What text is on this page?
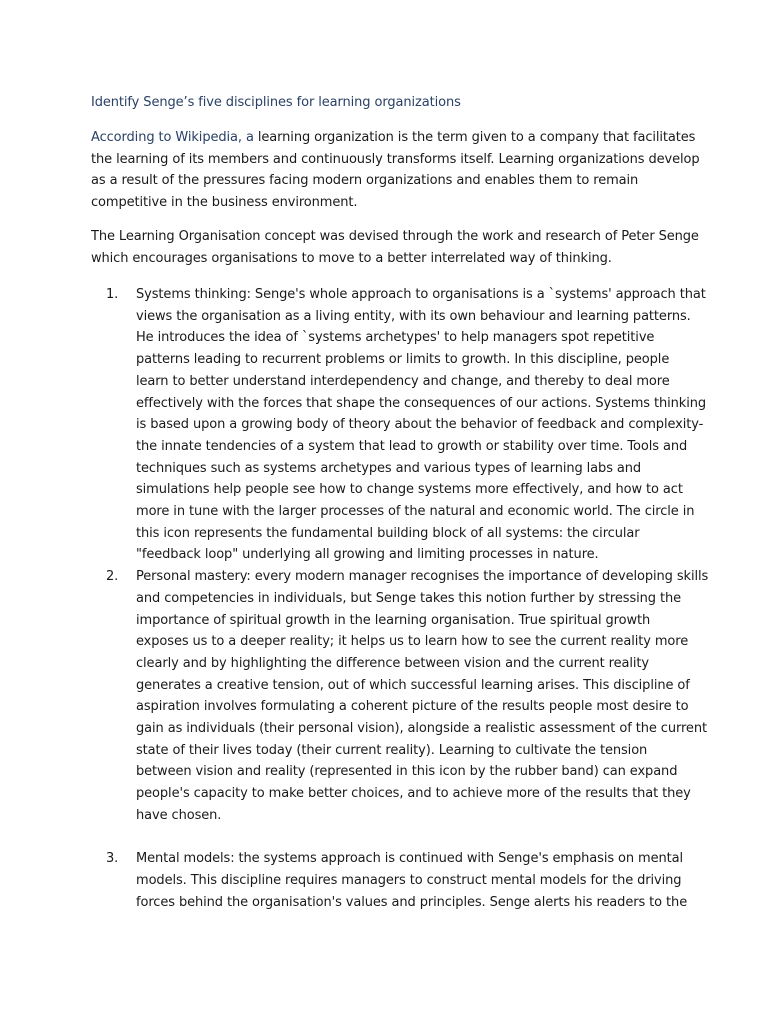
Identify Senge’s five disciplines for learning organizations
According to Wikipedia, a learning organization is the term given to a company that facilitates
the learning of its members and continuously transforms itself. Learning organizations develop
as a result of the pressures facing modern organizations and enables them to remain
competitive in the business environment.
The Learning Organisation concept was devised through the work and research of Peter Senge
which encourages organisations to move to a better interrelated way of thinking.
1. Systems thinking: Senge's whole approach to organisations is a `systems' approach that
views the organisation as a living entity, with its own behaviour and learning patterns.
He introduces the idea of `systems archetypes' to help managers spot repetitive
patterns leading to recurrent problems or limits to growth. In this discipline, people
learn to better understand interdependency and change, and thereby to deal more
effectively with the forces that shape the consequences of our actions. Systems thinking
is based upon a growing body of theory about the behavior of feedback and complexity-
the innate tendencies of a system that lead to growth or stability over time. Tools and
techniques such as systems archetypes and various types of learning labs and
simulations help people see how to change systems more effectively, and how to act
more in tune with the larger processes of the natural and economic world. The circle in
this icon represents the fundamental building block of all systems: the circular
"feedback loop" underlying all growing and limiting processes in nature.
2. Personal mastery: every modern manager recognises the importance of developing skills
and competencies in individuals, but Senge takes this notion further by stressing the
importance of spiritual growth in the learning organisation. True spiritual growth
exposes us to a deeper reality; it helps us to learn how to see the current reality more
clearly and by highlighting the difference between vision and the current reality
generates a creative tension, out of which successful learning arises. This discipline of
aspiration involves formulating a coherent picture of the results people most desire to
gain as individuals (their personal vision), alongside a realistic assessment of the current
state of their lives today (their current reality). Learning to cultivate the tension
between vision and reality (represented in this icon by the rubber band) can expand
people's capacity to make better choices, and to achieve more of the results that they
have chosen.
3. Mental models: the systems approach is continued with Senge's emphasis on mental
models. This discipline requires managers to construct mental models for the driving
forces behind the organisation's values and principles. Senge alerts his readers to the
